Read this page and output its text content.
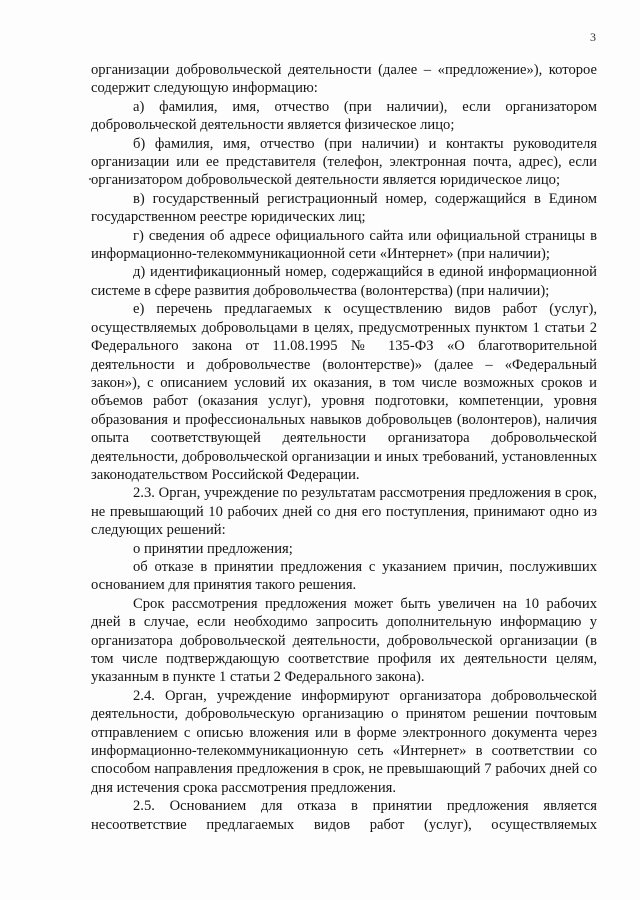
3

организации добровольческой деятельности (далее – «предложение»), которое содержит следующую информацию:

а) фамилия, имя, отчество (при наличии), если организатором добровольческой деятельности является физическое лицо;

б) фамилия, имя, отчество (при наличии) и контакты руководителя организации или ее представителя (телефон, электронная почта, адрес), если организатором добровольческой деятельности является юридическое лицо;

в) государственный регистрационный номер, содержащийся в Едином государственном реестре юридических лиц;

г) сведения об адресе официального сайта или официальной страницы в информационно-телекоммуникационной сети «Интернет» (при наличии);

д) идентификационный номер, содержащийся в единой информационной системе в сфере развития добровольчества (волонтерства) (при наличии);

е) перечень предлагаемых к осуществлению видов работ (услуг), осуществляемых добровольцами в целях, предусмотренных пунктом 1 статьи 2 Федерального закона от 11.08.1995 № 135-ФЗ «О благотворительной деятельности и добровольчестве (волонтерстве)» (далее – «Федеральный закон»), с описанием условий их оказания, в том числе возможных сроков и объемов работ (оказания услуг), уровня подготовки, компетенции, уровня образования и профессиональных навыков добровольцев (волонтеров), наличия опыта соответствующей деятельности организатора добровольческой деятельности, добровольческой организации и иных требований, установленных законодательством Российской Федерации.

2.3. Орган, учреждение по результатам рассмотрения предложения в срок, не превышающий 10 рабочих дней со дня его поступления, принимают одно из следующих решений:

о принятии предложения;

об отказе в принятии предложения с указанием причин, послуживших основанием для принятия такого решения.

Срок рассмотрения предложения может быть увеличен на 10 рабочих дней в случае, если необходимо запросить дополнительную информацию у организатора добровольческой деятельности, добровольческой организации (в том числе подтверждающую соответствие профиля их деятельности целям, указанным в пункте 1 статьи 2 Федерального закона).

2.4. Орган, учреждение информируют организатора добровольческой деятельности, добровольческую организацию о принятом решении почтовым отправлением с описью вложения или в форме электронного документа через информационно-телекоммуникационную сеть «Интернет» в соответствии со способом направления предложения в срок, не превышающий 7 рабочих дней со дня истечения срока рассмотрения предложения.

2.5. Основанием для отказа в принятии предложения является несоответствие предлагаемых видов работ (услуг), осуществляемых
